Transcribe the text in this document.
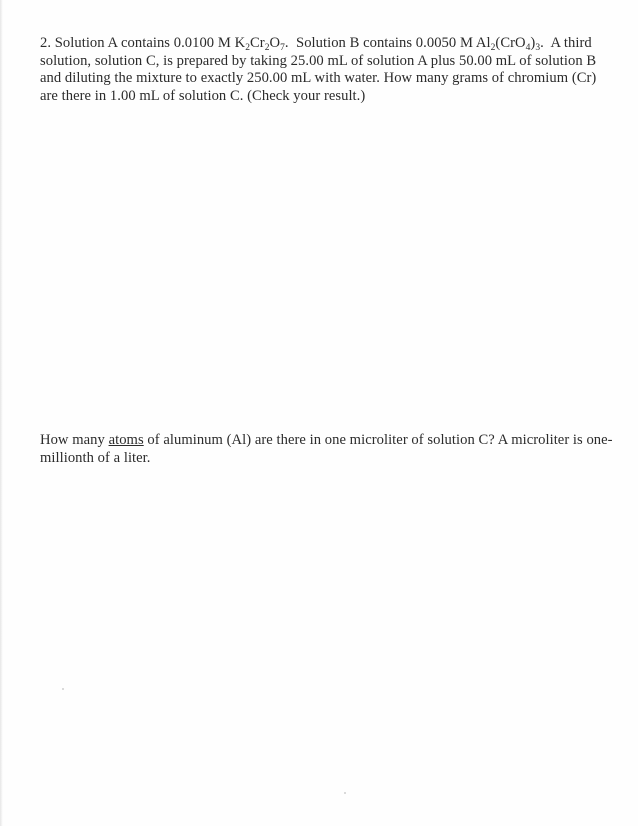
2. Solution A contains 0.0100 M $K_2Cr_2O_7$. Solution B contains 0.0050 M $Al_2(CrO_4)_3$. A third solution, solution C, is prepared by taking 25.00 mL of solution A plus 50.00 mL of solution B and diluting the mixture to exactly 250.00 mL with water. How many grams of chromium (Cr) are there in 1.00 mL of solution C. (Check your result.)

How many atoms of aluminum (Al) are there in one microliter of solution C? A microliter is one-millionth of a liter.
